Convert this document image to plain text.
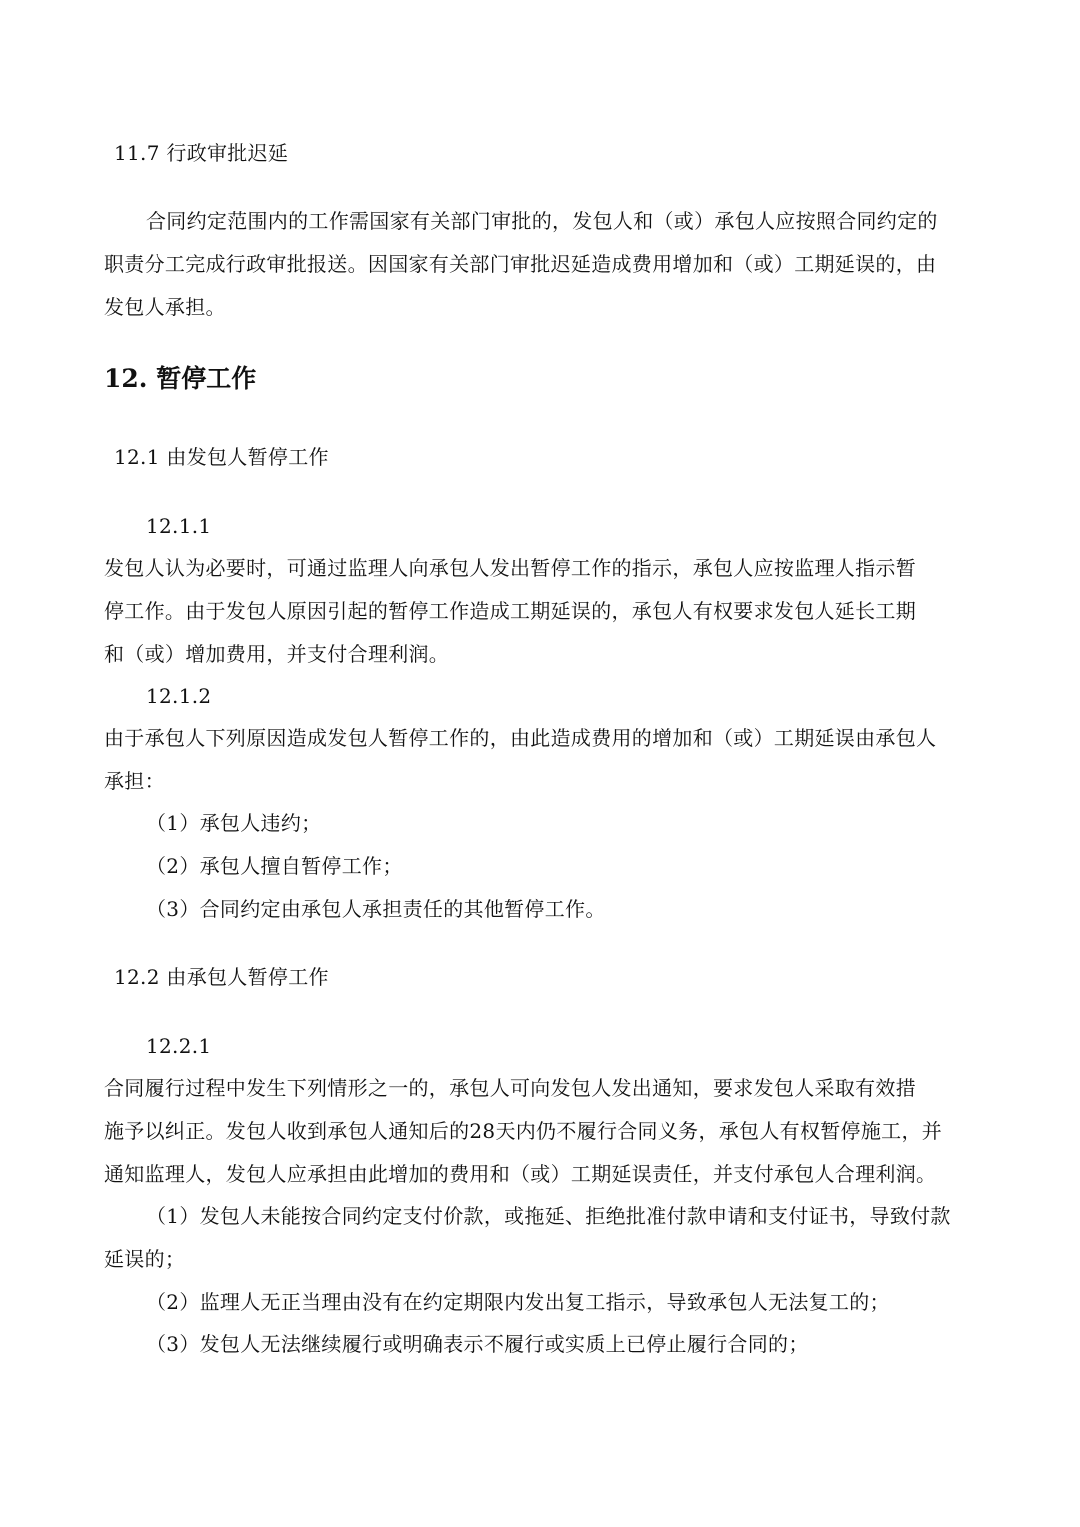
11.7 行政审批迟延
合同约定范围内的工作需国家有关部门审批的，发包人和（或）承包人应按照合同约定的
职责分工完成行政审批报送。因国家有关部门审批迟延造成费用增加和（或）工期延误的，由
发包人承担。
12. 暂停工作
12.1 由发包人暂停工作
12.1.1
发包人认为必要时，可通过监理人向承包人发出暂停工作的指示，承包人应按监理人指示暂
停工作。由于发包人原因引起的暂停工作造成工期延误的，承包人有权要求发包人延长工期
和（或）增加费用，并支付合理利润。
12.1.2
由于承包人下列原因造成发包人暂停工作的，由此造成费用的增加和（或）工期延误由承包人
承担：
（1）承包人违约；
（2）承包人擅自暂停工作；
（3）合同约定由承包人承担责任的其他暂停工作。
12.2 由承包人暂停工作
12.2.1
合同履行过程中发生下列情形之一的，承包人可向发包人发出通知，要求发包人采取有效措
施予以纠正。发包人收到承包人通知后的28天内仍不履行合同义务，承包人有权暂停施工，并
通知监理人，发包人应承担由此增加的费用和（或）工期延误责任，并支付承包人合理利润。
（1）发包人未能按合同约定支付价款，或拖延、拒绝批准付款申请和支付证书，导致付款
延误的；
（2）监理人无正当理由没有在约定期限内发出复工指示，导致承包人无法复工的；
（3）发包人无法继续履行或明确表示不履行或实质上已停止履行合同的；
